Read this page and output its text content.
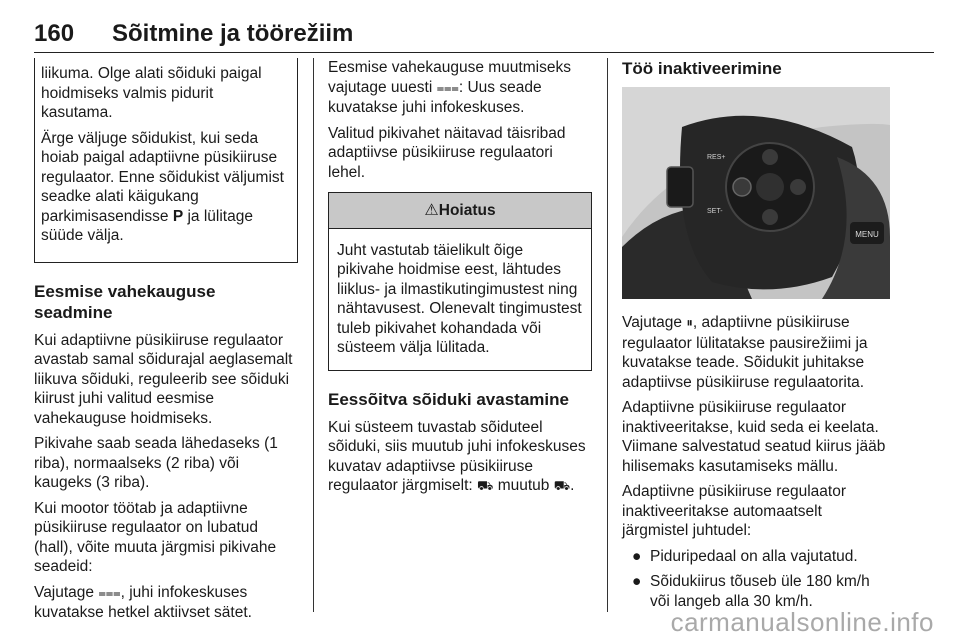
160 Sõitmine ja töörežiim

liikuma. Olge alati sõiduki paigal hoidmiseks valmis pidurit kasutama.

Ärge väljuge sõidukist, kui seda hoiab paigal adaptiivne püsikiiruse regulaator. Enne sõidukist väljumist seadke alati käigukang parkimisasendisse P ja lülitage süüde välja.

Eesmise vahekauguse seadmine

Kui adaptiivne püsikiiruse regulaator avastab samal sõidurajal aeglasemalt liikuva sõiduki, reguleerib see sõiduki kiirust juhi valitud eesmise vahekauguse hoidmiseks.

Pikivahe saab seada lähedaseks (1 riba), normaalseks (2 riba) või kaugeks (3 riba).

Kui mootor töötab ja adaptiivne püsikiiruse regulaator on lubatud (hall), võite muuta järgmisi pikivahe seadeid:

Vajutage ⩶, juhi infokeskuses kuvatakse hetkel aktiivset sätet.

Eesmise vahekauguse muutmiseks vajutage uuesti ⩶: Uus seade kuvatakse juhi infokeskuses.

Valitud pikivahet näitavad täisribad adaptiivse püsikiiruse regulaatori lehel.

⚠Hoiatus
Juht vastutab täielikult õige pikivahe hoidmise eest, lähtudes liiklus- ja ilmastikutingimustest ning nähtavusest. Olenevalt tingimustest tuleb pikivahet kohandada või süsteem välja lülitada.
Eessõitva sõiduki avastamine

Kui süsteem tuvastab sõiduteel sõiduki, siis muutub juhi infokeskuses kuvatav adaptiivse püsikiiruse regulaator järgmiselt: ⛟ muutub ⛟.

Töö inaktiveerimine
MENU
RES+
SET-

Vajutage ⏸, adaptiivne püsikiiruse regulaator lülitatakse pausirežiimi ja kuvatakse teade. Sõidukit juhitakse adaptiivse püsikiiruse regulaatorita.

Adaptiivne püsikiiruse regulaator inaktiveeritakse, kuid seda ei keelata. Viimane salvestatud seatud kiirus jääb hilisemaks kasutamiseks mällu.

Adaptiivne püsikiiruse regulaator inaktiveeritakse automaatselt järgmistel juhtudel:

● Piduripedaal on alla vajutatud.
● Sõidukiirus tõuseb üle 180 km/h või langeb alla 30 km/h.
carmanualsonline.info
